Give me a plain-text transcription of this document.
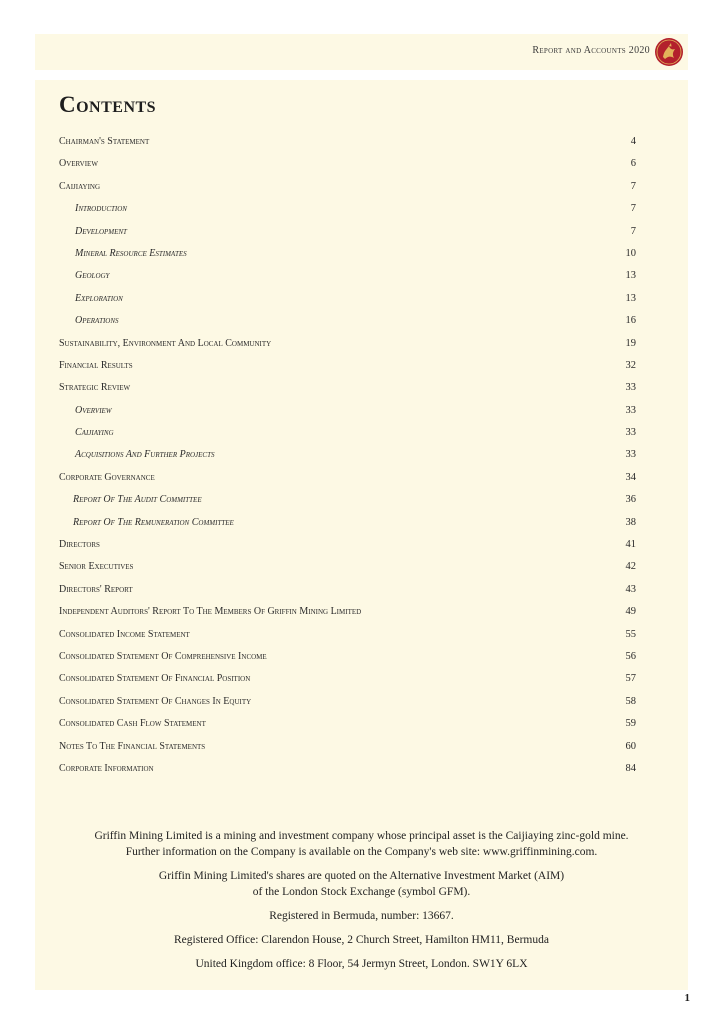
Report and Accounts 2020
Contents
Chairman's Statement	4
Overview	6
Caijiaying	7
Introduction	7
Development	7
Mineral Resource Estimates	10
Geology	13
Exploration	13
Operations	16
Sustainability, Environment And Local Community	19
Financial Results	32
Strategic Review	33
Overview	33
Caijiaying	33
Acquisitions And Further Projects	33
Corporate Governance	34
Report Of The Audit Committee	36
Report Of The Remuneration Committee	38
Directors	41
Senior Executives	42
Directors' Report	43
Independent Auditors' Report To The Members Of Griffin Mining Limited	49
Consolidated Income Statement	55
Consolidated Statement Of Comprehensive Income	56
Consolidated Statement Of Financial Position	57
Consolidated Statement Of Changes In Equity	58
Consolidated Cash Flow Statement	59
Notes To The Financial Statements	60
Corporate Information	84

Griffin Mining Limited is a mining and investment company whose principal asset is the Caijiaying zinc-gold mine.
Further information on the Company is available on the Company's web site: www.griffinmining.com.

Griffin Mining Limited's shares are quoted on the Alternative Investment Market (AIM)
of the London Stock Exchange (symbol GFM).

Registered in Bermuda, number: 13667.

Registered Office: Clarendon House, 2 Church Street, Hamilton HM11, Bermuda

United Kingdom office: 8 Floor, 54 Jermyn Street, London. SW1Y 6LX

1
